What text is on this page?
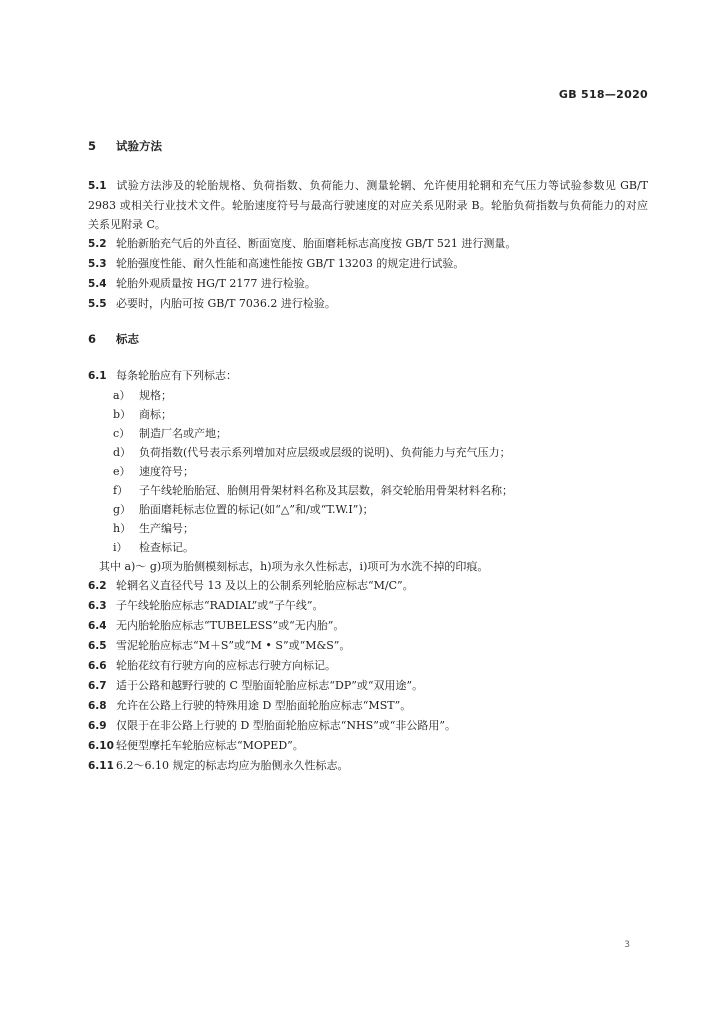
GB 518—2020
5 试验方法
5.1 试验方法涉及的轮胎规格、负荷指数、负荷能力、测量轮辋、允许使用轮辋和充气压力等试验参数见 GB/T 2983 或相关行业技术文件。轮胎速度符号与最高行驶速度的对应关系见附录 B。轮胎负荷指数与负荷能力的对应关系见附录 C。
5.2 轮胎新胎充气后的外直径、断面宽度、胎面磨耗标志高度按 GB/T 521 进行测量。
5.3 轮胎强度性能、耐久性能和高速性能按 GB/T 13203 的规定进行试验。
5.4 轮胎外观质量按 HG/T 2177 进行检验。
5.5 必要时，内胎可按 GB/T 7036.2 进行检验。
6 标志
6.1 每条轮胎应有下列标志：
a） 规格；
b） 商标；
c） 制造厂名或产地；
d） 负荷指数(代号表示系列增加对应层级或层级的说明)、负荷能力与充气压力；
e） 速度符号；
f） 子午线轮胎胎冠、胎侧用骨架材料名称及其层数，斜交轮胎用骨架材料名称；
g） 胎面磨耗标志位置的标记(如“△”和/或“T.W.I”)；
h） 生产编号；
i） 检查标记。
其中 a)～ g)项为胎侧模刻标志，h)项为永久性标志，i)项可为水洗不掉的印痕。
6.2 轮辋名义直径代号 13 及以上的公制系列轮胎应标志“M/C”。
6.3 子午线轮胎应标志“RADIAL”或“子午线”。
6.4 无内胎轮胎应标志“TUBELESS”或“无内胎”。
6.5 雪泥轮胎应标志“M＋S”或“M • S”或“M&S”。
6.6 轮胎花纹有行驶方向的应标志行驶方向标记。
6.7 适于公路和越野行驶的 C 型胎面轮胎应标志“DP”或“双用途”。
6.8 允许在公路上行驶的特殊用途 D 型胎面轮胎应标志“MST”。
6.9 仅限于在非公路上行驶的 D 型胎面轮胎应标志“NHS”或“非公路用”。
6.10 轻便型摩托车轮胎应标志“MOPED”。
6.11 6.2～6.10 规定的标志均应为胎侧永久性标志。
3
